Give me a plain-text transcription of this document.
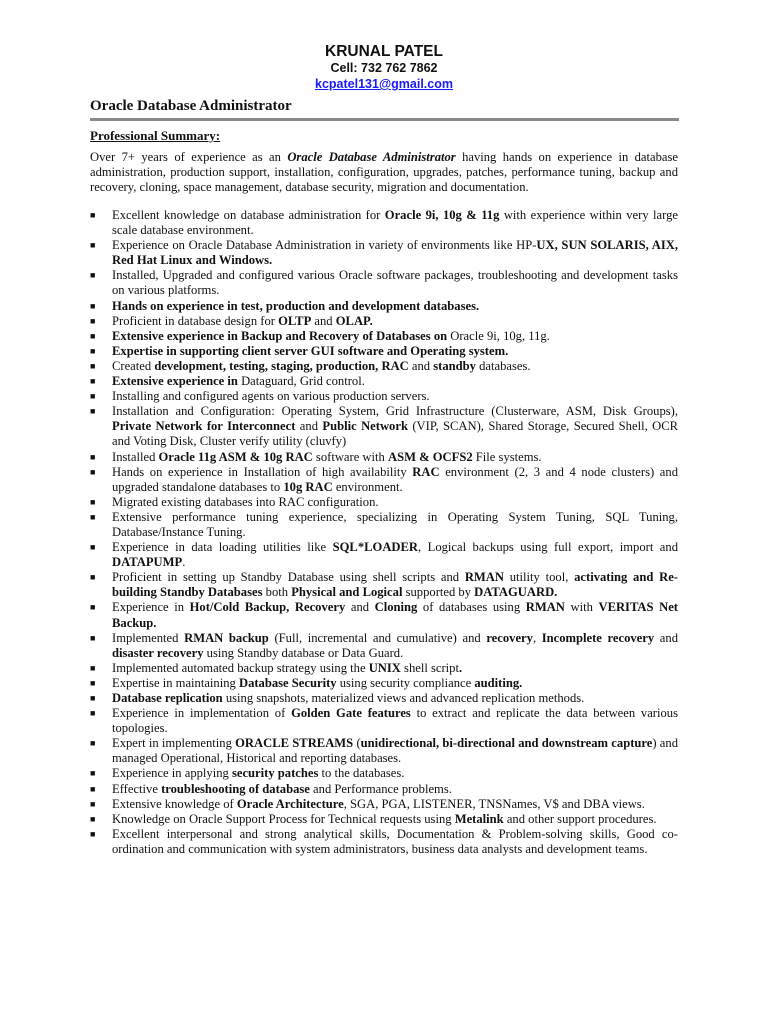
KRUNAL PATEL
Cell: 732 762 7862
kcpatel131@gmail.com
Oracle Database Administrator
Professional Summary:
Over 7+ years of experience as an Oracle Database Administrator having hands on experience in database administration, production support, installation, configuration, upgrades, patches, performance tuning, backup and recovery, cloning, space management, database security, migration and documentation.
■ Excellent knowledge on database administration for Oracle 9i, 10g & 11g with experience within very large scale database environment.
■ Experience on Oracle Database Administration in variety of environments like HP-UX, SUN SOLARIS, AIX, Red Hat Linux and Windows.
■ Installed, Upgraded and configured various Oracle software packages, troubleshooting and development tasks on various platforms.
■ Hands on experience in test, production and development databases.
■ Proficient in database design for OLTP and OLAP.
■ Extensive experience in Backup and Recovery of Databases on Oracle 9i, 10g, 11g.
■ Expertise in supporting client server GUI software and Operating system.
■ Created development, testing, staging, production, RAC and standby databases.
■ Extensive experience in Dataguard, Grid control.
■ Installing and configured agents on various production servers.
■ Installation and Configuration: Operating System, Grid Infrastructure (Clusterware, ASM, Disk Groups), Private Network for Interconnect and Public Network (VIP, SCAN), Shared Storage, Secured Shell, OCR and Voting Disk, Cluster verify utility (cluvfy)
■ Installed Oracle 11g ASM & 10g RAC software with ASM & OCFS2 File systems.
■ Hands on experience in Installation of high availability RAC environment (2, 3 and 4 node clusters) and upgraded standalone databases to 10g RAC environment.
■ Migrated existing databases into RAC configuration.
■ Extensive performance tuning experience, specializing in Operating System Tuning, SQL Tuning, Database/Instance Tuning.
■ Experience in data loading utilities like SQL*LOADER, Logical backups using full export, import and DATAPUMP.
■ Proficient in setting up Standby Database using shell scripts and RMAN utility tool, activating and Re-building Standby Databases both Physical and Logical supported by DATAGUARD.
■ Experience in Hot/Cold Backup, Recovery and Cloning of databases using RMAN with VERITAS Net Backup.
■ Implemented RMAN backup (Full, incremental and cumulative) and recovery, Incomplete recovery and disaster recovery using Standby database or Data Guard.
■ Implemented automated backup strategy using the UNIX shell script.
■ Expertise in maintaining Database Security using security compliance auditing.
■ Database replication using snapshots, materialized views and advanced replication methods.
■ Experience in implementation of Golden Gate features to extract and replicate the data between various topologies.
■ Expert in implementing ORACLE STREAMS (unidirectional, bi-directional and downstream capture) and managed Operational, Historical and reporting databases.
■ Experience in applying security patches to the databases.
■ Effective troubleshooting of database and Performance problems.
■ Extensive knowledge of Oracle Architecture, SGA, PGA, LISTENER, TNSNames, V$ and DBA views.
■ Knowledge on Oracle Support Process for Technical requests using Metalink and other support procedures.
■ Excellent interpersonal and strong analytical skills, Documentation & Problem-solving skills, Good co-ordination and communication with system administrators, business data analysts and development teams.
